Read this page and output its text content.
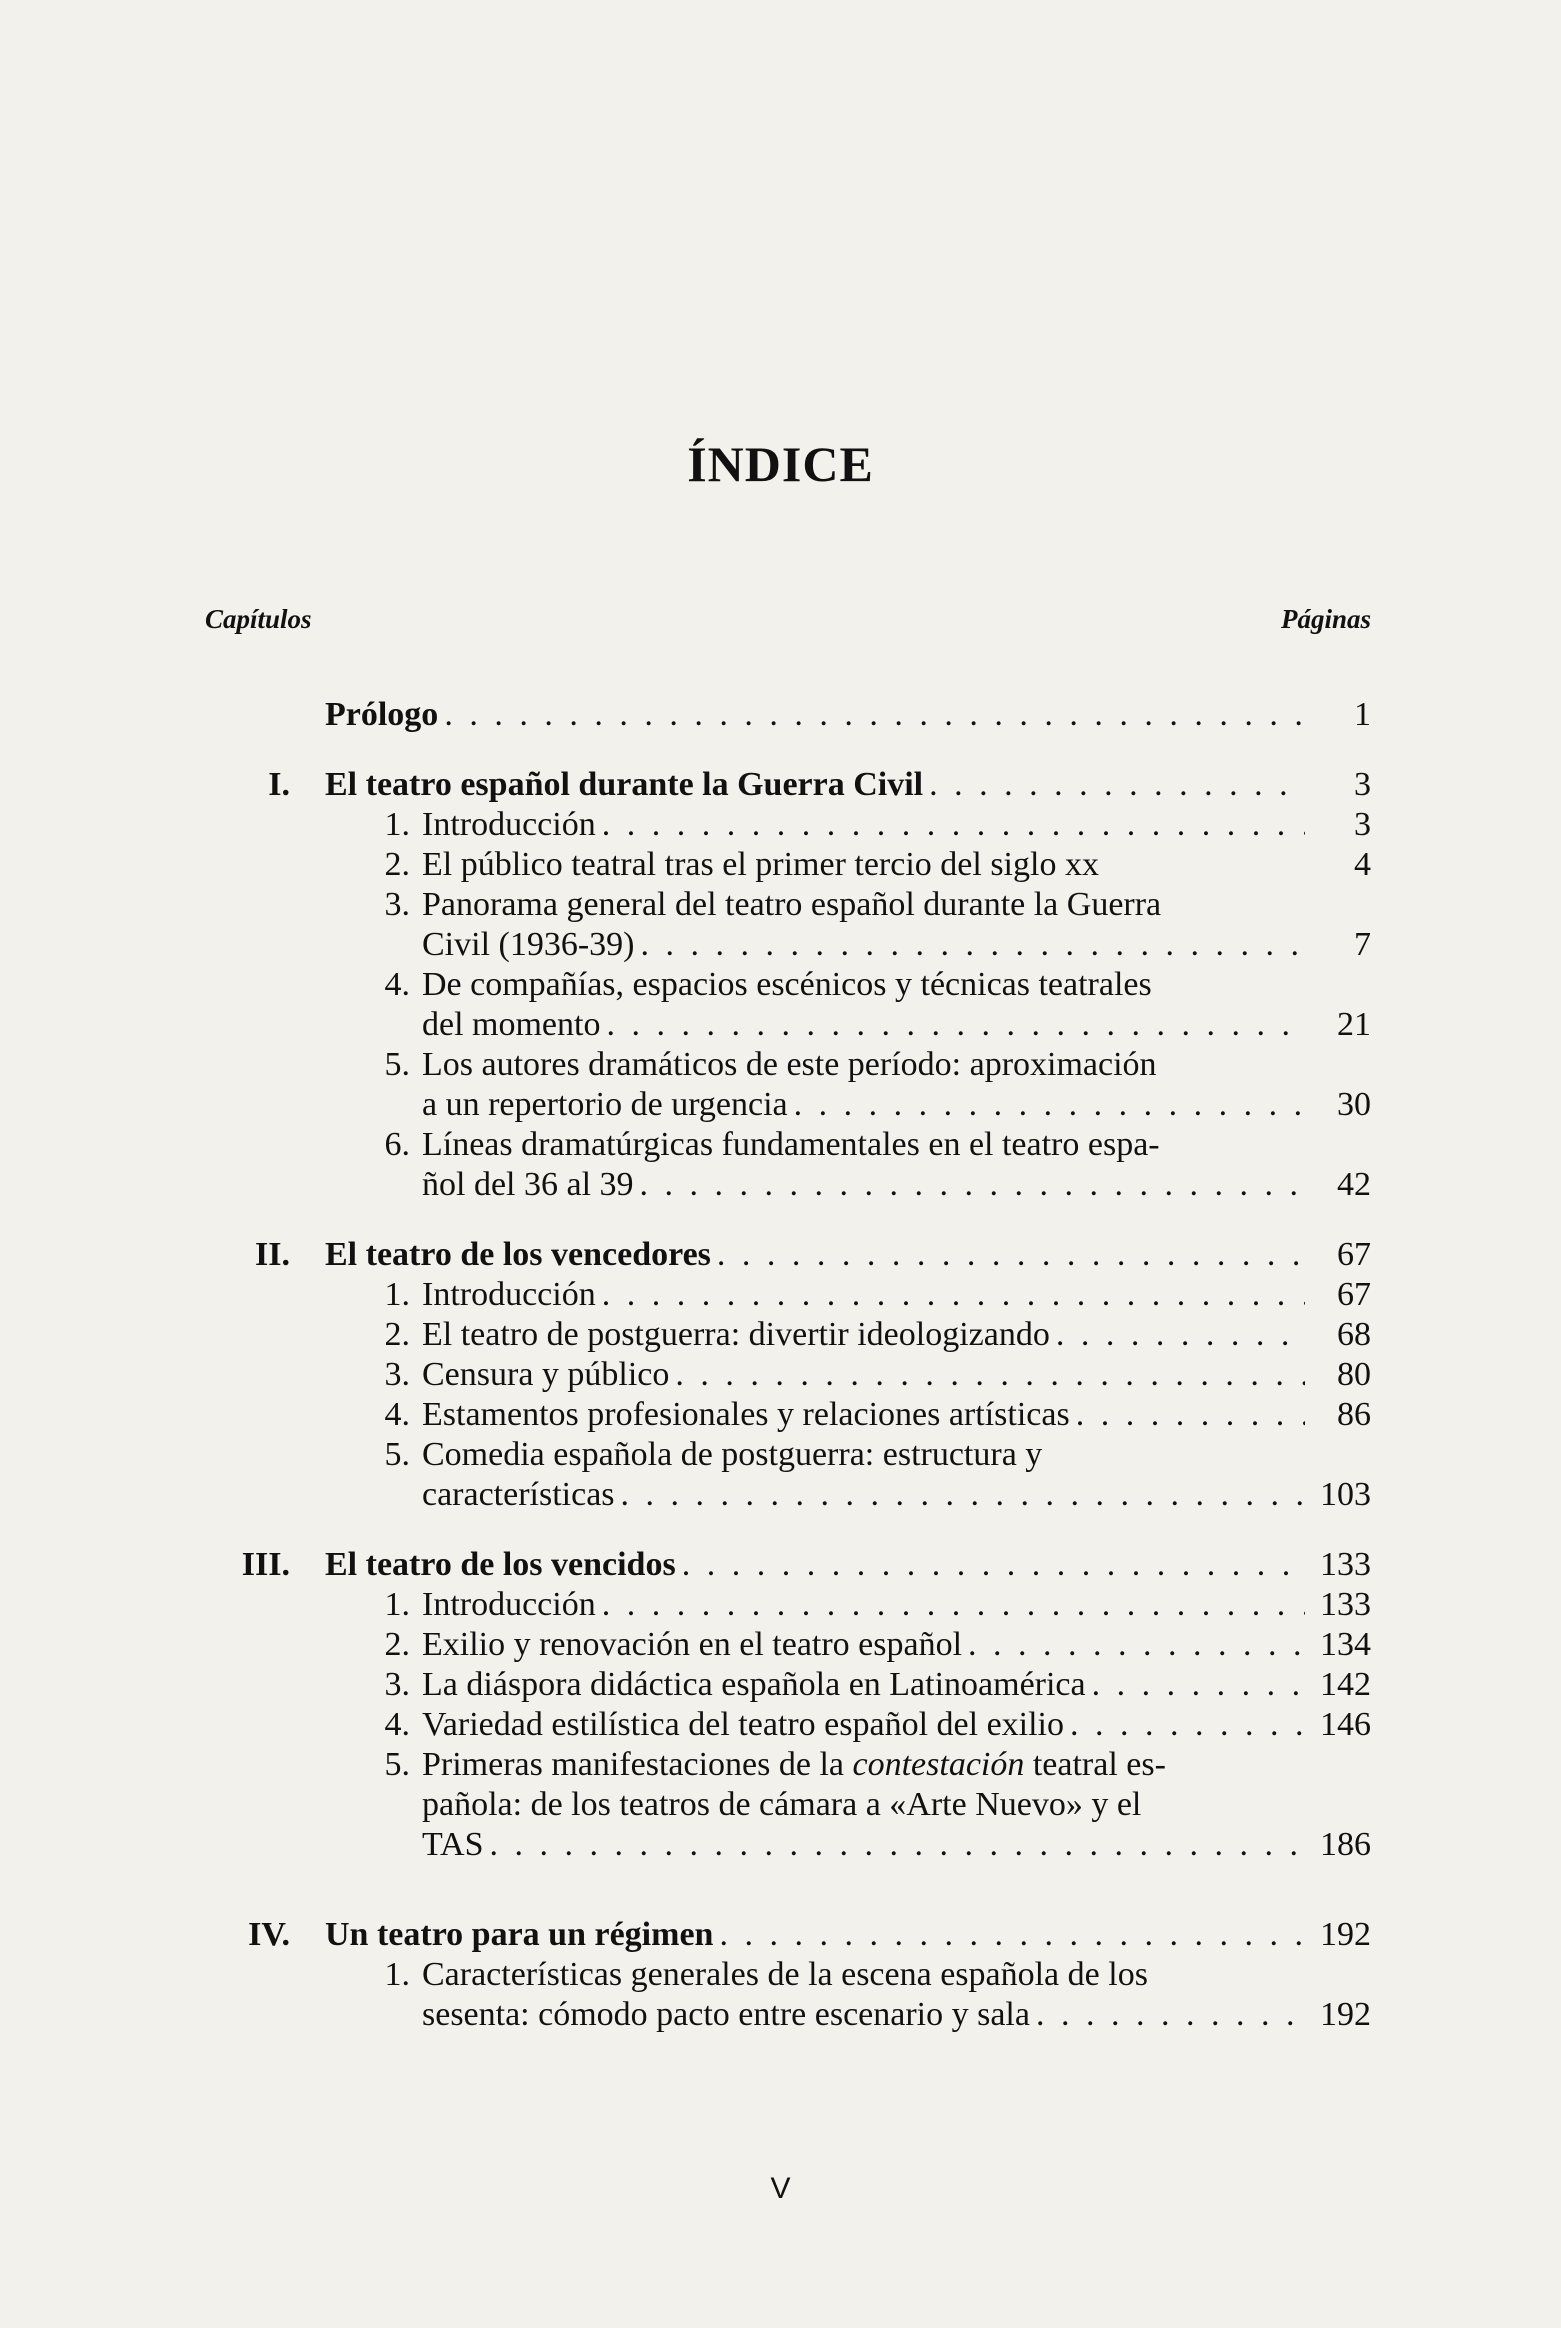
ÍNDICE
Capítulos	Páginas
Prólogo . . .	1
I. El teatro español durante la Guerra Civil . . .	3
1. Introducción . . .	3
2. El público teatral tras el primer tercio del siglo xx	4
3. Panorama general del teatro español durante la Guerra
Civil (1936-39) . . .	7
4. De compañías, espacios escénicos y técnicas teatrales
del momento . . .	21
5. Los autores dramáticos de este período: aproximación
a un repertorio de urgencia . . .	30
6. Líneas dramatúrgicas fundamentales en el teatro espa-
ñol del 36 al 39 . . .	42
II. El teatro de los vencedores . . .	67
1. Introducción . . .	67
2. El teatro de postguerra: divertir ideologizando . . .	68
3. Censura y público . . .	80
4. Estamentos profesionales y relaciones artísticas . . .	86
5. Comedia española de postguerra: estructura y
características . . .	103
III. El teatro de los vencidos . . .	133
1. Introducción . . .	133
2. Exilio y renovación en el teatro español . . .	134
3. La diáspora didáctica española en Latinoamérica . . .	142
4. Variedad estilística del teatro español del exilio . . .	146
5. Primeras manifestaciones de la contestación teatral es-
pañola: de los teatros de cámara a «Arte Nuevo» y el
TAS . . .	186
IV. Un teatro para un régimen . . .	192
1. Características generales de la escena española de los
sesenta: cómodo pacto entre escenario y sala . . .	192
V
